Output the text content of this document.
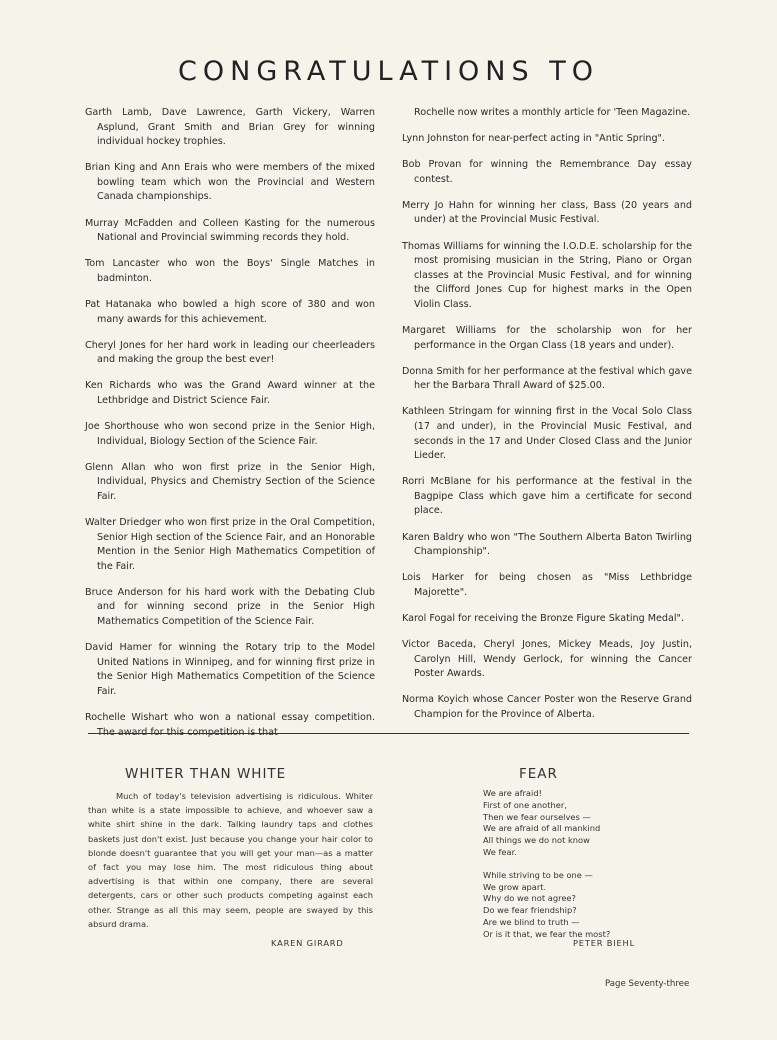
CONGRATULATIONS TO

Garth Lamb, Dave Lawrence, Garth Vickery, Warren Asplund, Grant Smith and Brian Grey for winning individual hockey trophies.

Brian King and Ann Erais who were members of the mixed bowling team which won the Provincial and Western Canada championships.

Murray McFadden and Colleen Kasting for the numerous National and Provincial swimming records they hold.

Tom Lancaster who won the Boys' Single Matches in badminton.

Pat Hatanaka who bowled a high score of 380 and won many awards for this achievement.

Cheryl Jones for her hard work in leading our cheerleaders and making the group the best ever!

Ken Richards who was the Grand Award winner at the Lethbridge and District Science Fair.

Joe Shorthouse who won second prize in the Senior High, Individual, Biology Section of the Science Fair.

Glenn Allan who won first prize in the Senior High, Individual, Physics and Chemistry Section of the Science Fair.

Walter Driedger who won first prize in the Oral Competition, Senior High section of the Science Fair, and an Honorable Mention in the Senior High Mathematics Competition of the Fair.

Bruce Anderson for his hard work with the Debating Club and for winning second prize in the Senior High Mathematics Competition of the Science Fair.

David Hamer for winning the Rotary trip to the Model United Nations in Winnipeg, and for winning first prize in the Senior High Mathematics Competition of the Science Fair.

Rochelle Wishart who won a national essay competition. The award for this competition is that

Rochelle now writes a monthly article for 'Teen Magazine.

Lynn Johnston for near-perfect acting in "Antic Spring".

Bob Provan for winning the Remembrance Day essay contest.

Merry Jo Hahn for winning her class, Bass (20 years and under) at the Provincial Music Festival.

Thomas Williams for winning the I.O.D.E. scholarship for the most promising musician in the String, Piano or Organ classes at the Provincial Music Festival, and for winning the Clifford Jones Cup for highest marks in the Open Violin Class.

Margaret Williams for the scholarship won for her performance in the Organ Class (18 years and under).

Donna Smith for her performance at the festival which gave her the Barbara Thrall Award of $25.00.

Kathleen Stringam for winning first in the Vocal Solo Class (17 and under), in the Provincial Music Festival, and seconds in the 17 and Under Closed Class and the Junior Lieder.

Rorri McBlane for his performance at the festival in the Bagpipe Class which gave him a certificate for second place.

Karen Baldry who won "The Southern Alberta Baton Twirling Championship".

Lois Harker for being chosen as "Miss Lethbridge Majorette".

Karol Fogal for receiving the Bronze Figure Skating Medal".

Victor Baceda, Cheryl Jones, Mickey Meads, Joy Justin, Carolyn Hill, Wendy Gerlock, for winning the Cancer Poster Awards.

Norma Koyich whose Cancer Poster won the Reserve Grand Champion for the Province of Alberta.

WHITER THAN WHITE
Much of today's television advertising is ridiculous. Whiter than white is a state impossible to achieve, and whoever saw a white shirt shine in the dark. Talking laundry taps and clothes baskets just don't exist. Just because you change your hair color to blonde doesn't guarantee that you will get your man—as a matter of fact you may lose him. The most ridiculous thing about advertising is that within one company, there are several detergents, cars or other such products competing against each other. Strange as all this may seem, people are swayed by this absurd drama.
KAREN GIRARD
FEAR
We are afraid!
First of one another,
Then we fear ourselves —
We are afraid of all mankind
All things we do not know
We fear.
While striving to be one —
We grow apart.
Why do we not agree?
Do we fear friendship?
Are we blind to truth —
Or is it that, we fear the most?
PETER BIEHL
Page Seventy-three
